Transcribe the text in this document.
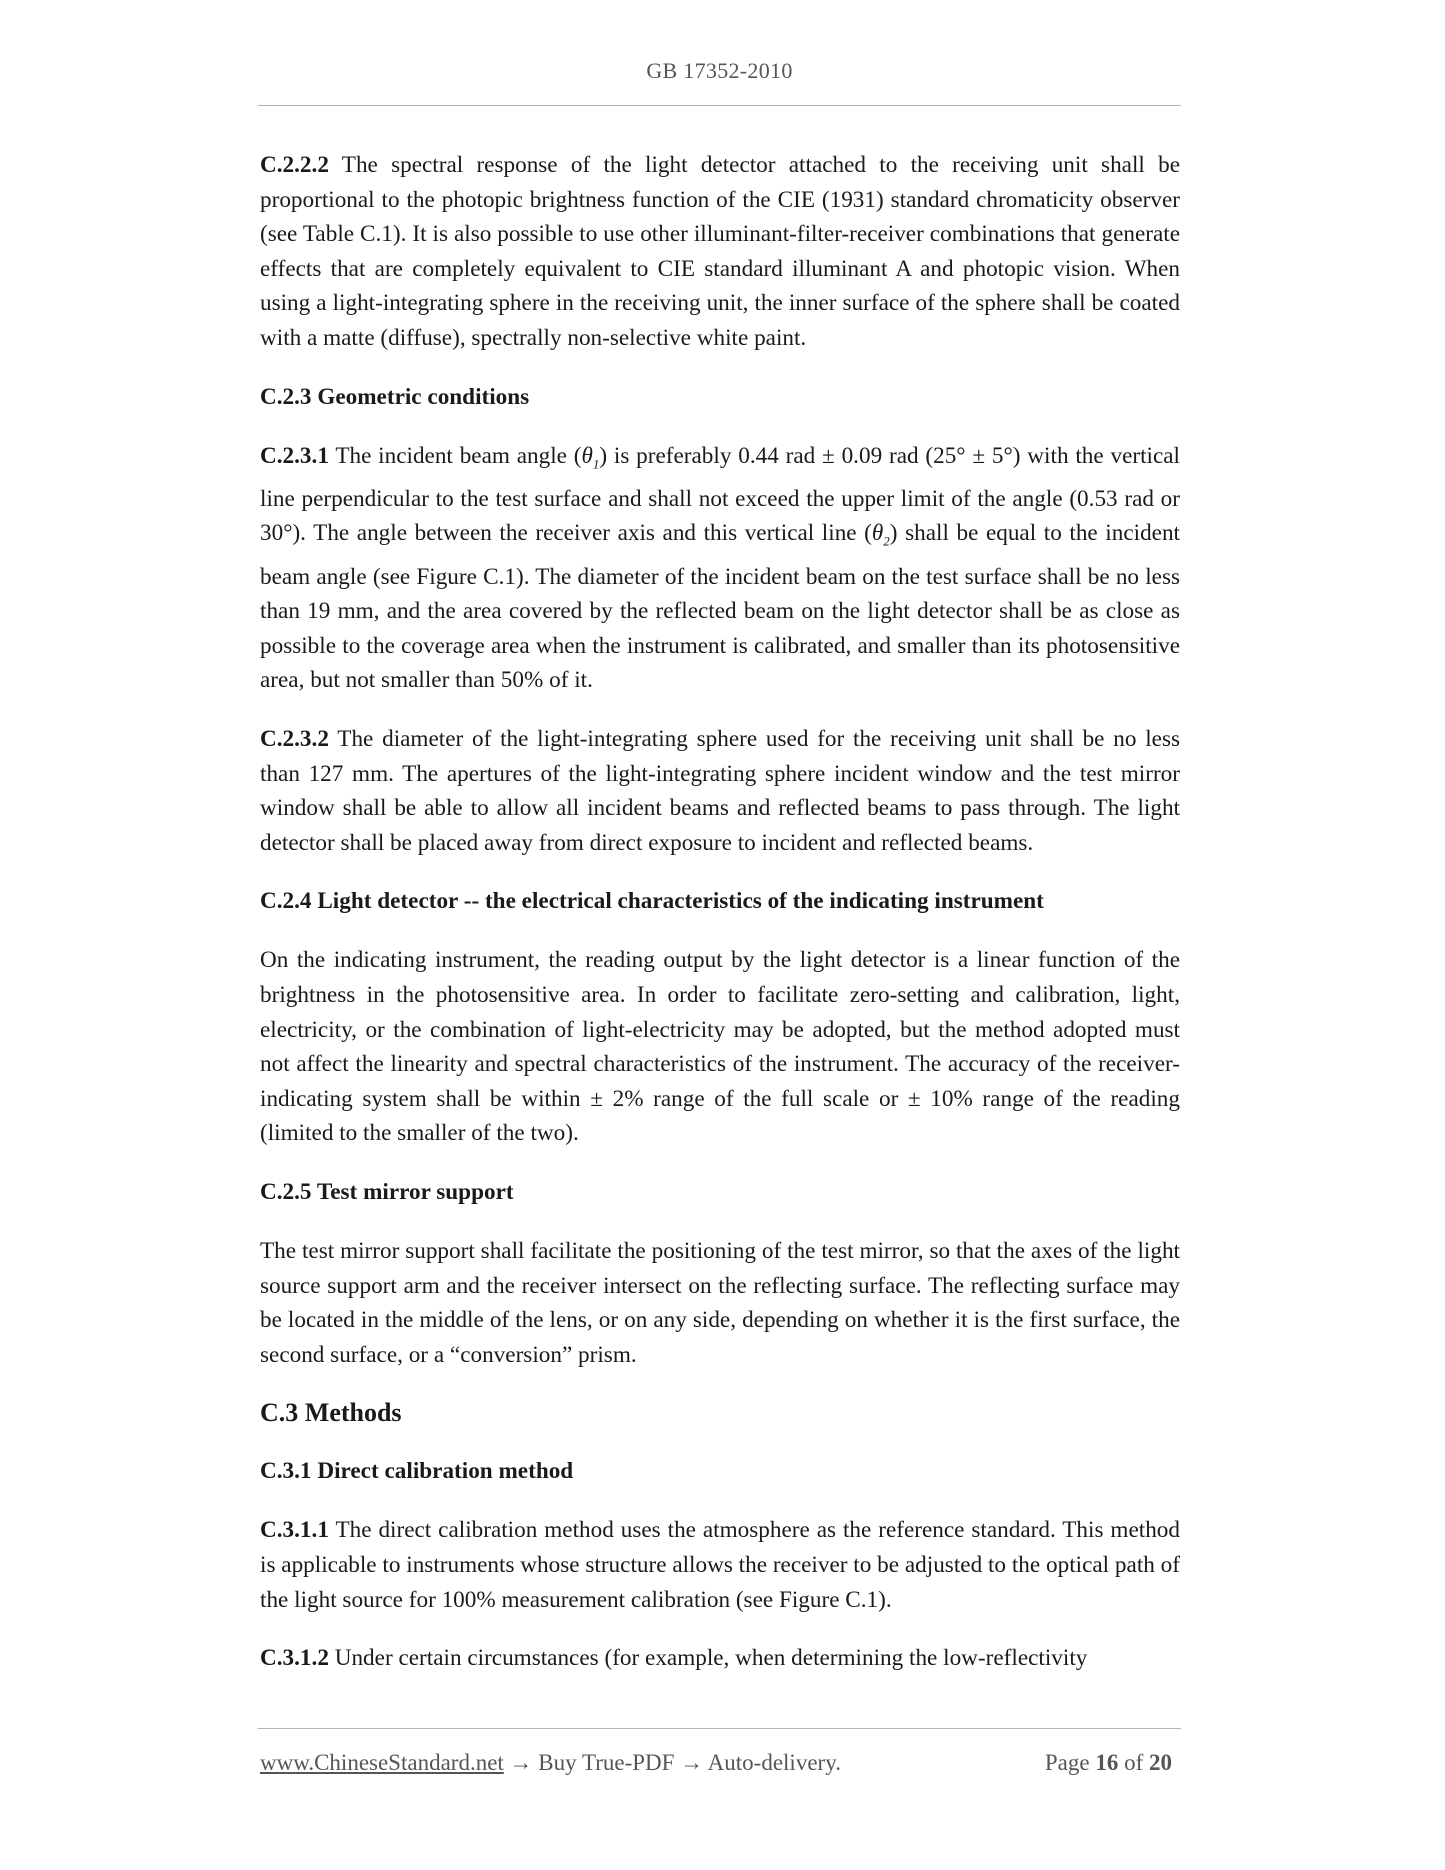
GB 17352-2010

C.2.2.2 The spectral response of the light detector attached to the receiving unit shall be proportional to the photopic brightness function of the CIE (1931) standard chromaticity observer (see Table C.1). It is also possible to use other illuminant-filter-receiver combinations that generate effects that are completely equivalent to CIE standard illuminant A and photopic vision. When using a light-integrating sphere in the receiving unit, the inner surface of the sphere shall be coated with a matte (diffuse), spectrally non-selective white paint.

C.2.3 Geometric conditions

C.2.3.1 The incident beam angle $(\theta_1)$ is preferably 0.44 rad ± 0.09 rad (25° ± 5°) with the vertical line perpendicular to the test surface and shall not exceed the upper limit of the angle (0.53 rad or 30°). The angle between the receiver axis and this vertical line $(\theta_2)$ shall be equal to the incident beam angle (see Figure C.1). The diameter of the incident beam on the test surface shall be no less than 19 mm, and the area covered by the reflected beam on the light detector shall be as close as possible to the coverage area when the instrument is calibrated, and smaller than its photosensitive area, but not smaller than 50% of it.

C.2.3.2 The diameter of the light-integrating sphere used for the receiving unit shall be no less than 127 mm. The apertures of the light-integrating sphere incident window and the test mirror window shall be able to allow all incident beams and reflected beams to pass through. The light detector shall be placed away from direct exposure to incident and reflected beams.

C.2.4 Light detector -- the electrical characteristics of the indicating instrument

On the indicating instrument, the reading output by the light detector is a linear function of the brightness in the photosensitive area. In order to facilitate zero-setting and calibration, light, electricity, or the combination of light-electricity may be adopted, but the method adopted must not affect the linearity and spectral characteristics of the instrument. The accuracy of the receiver-indicating system shall be within ± 2% range of the full scale or ± 10% range of the reading (limited to the smaller of the two).

C.2.5 Test mirror support

The test mirror support shall facilitate the positioning of the test mirror, so that the axes of the light source support arm and the receiver intersect on the reflecting surface. The reflecting surface may be located in the middle of the lens, or on any side, depending on whether it is the first surface, the second surface, or a “conversion” prism.

C.3 Methods
C.3.1 Direct calibration method

C.3.1.1 The direct calibration method uses the atmosphere as the reference standard. This method is applicable to instruments whose structure allows the receiver to be adjusted to the optical path of the light source for 100% measurement calibration (see Figure C.1).

C.3.1.2 Under certain circumstances (for example, when determining the low-reflectivity

www.ChineseStandard.net → Buy True-PDF → Auto-delivery.	Page 16 of 20
